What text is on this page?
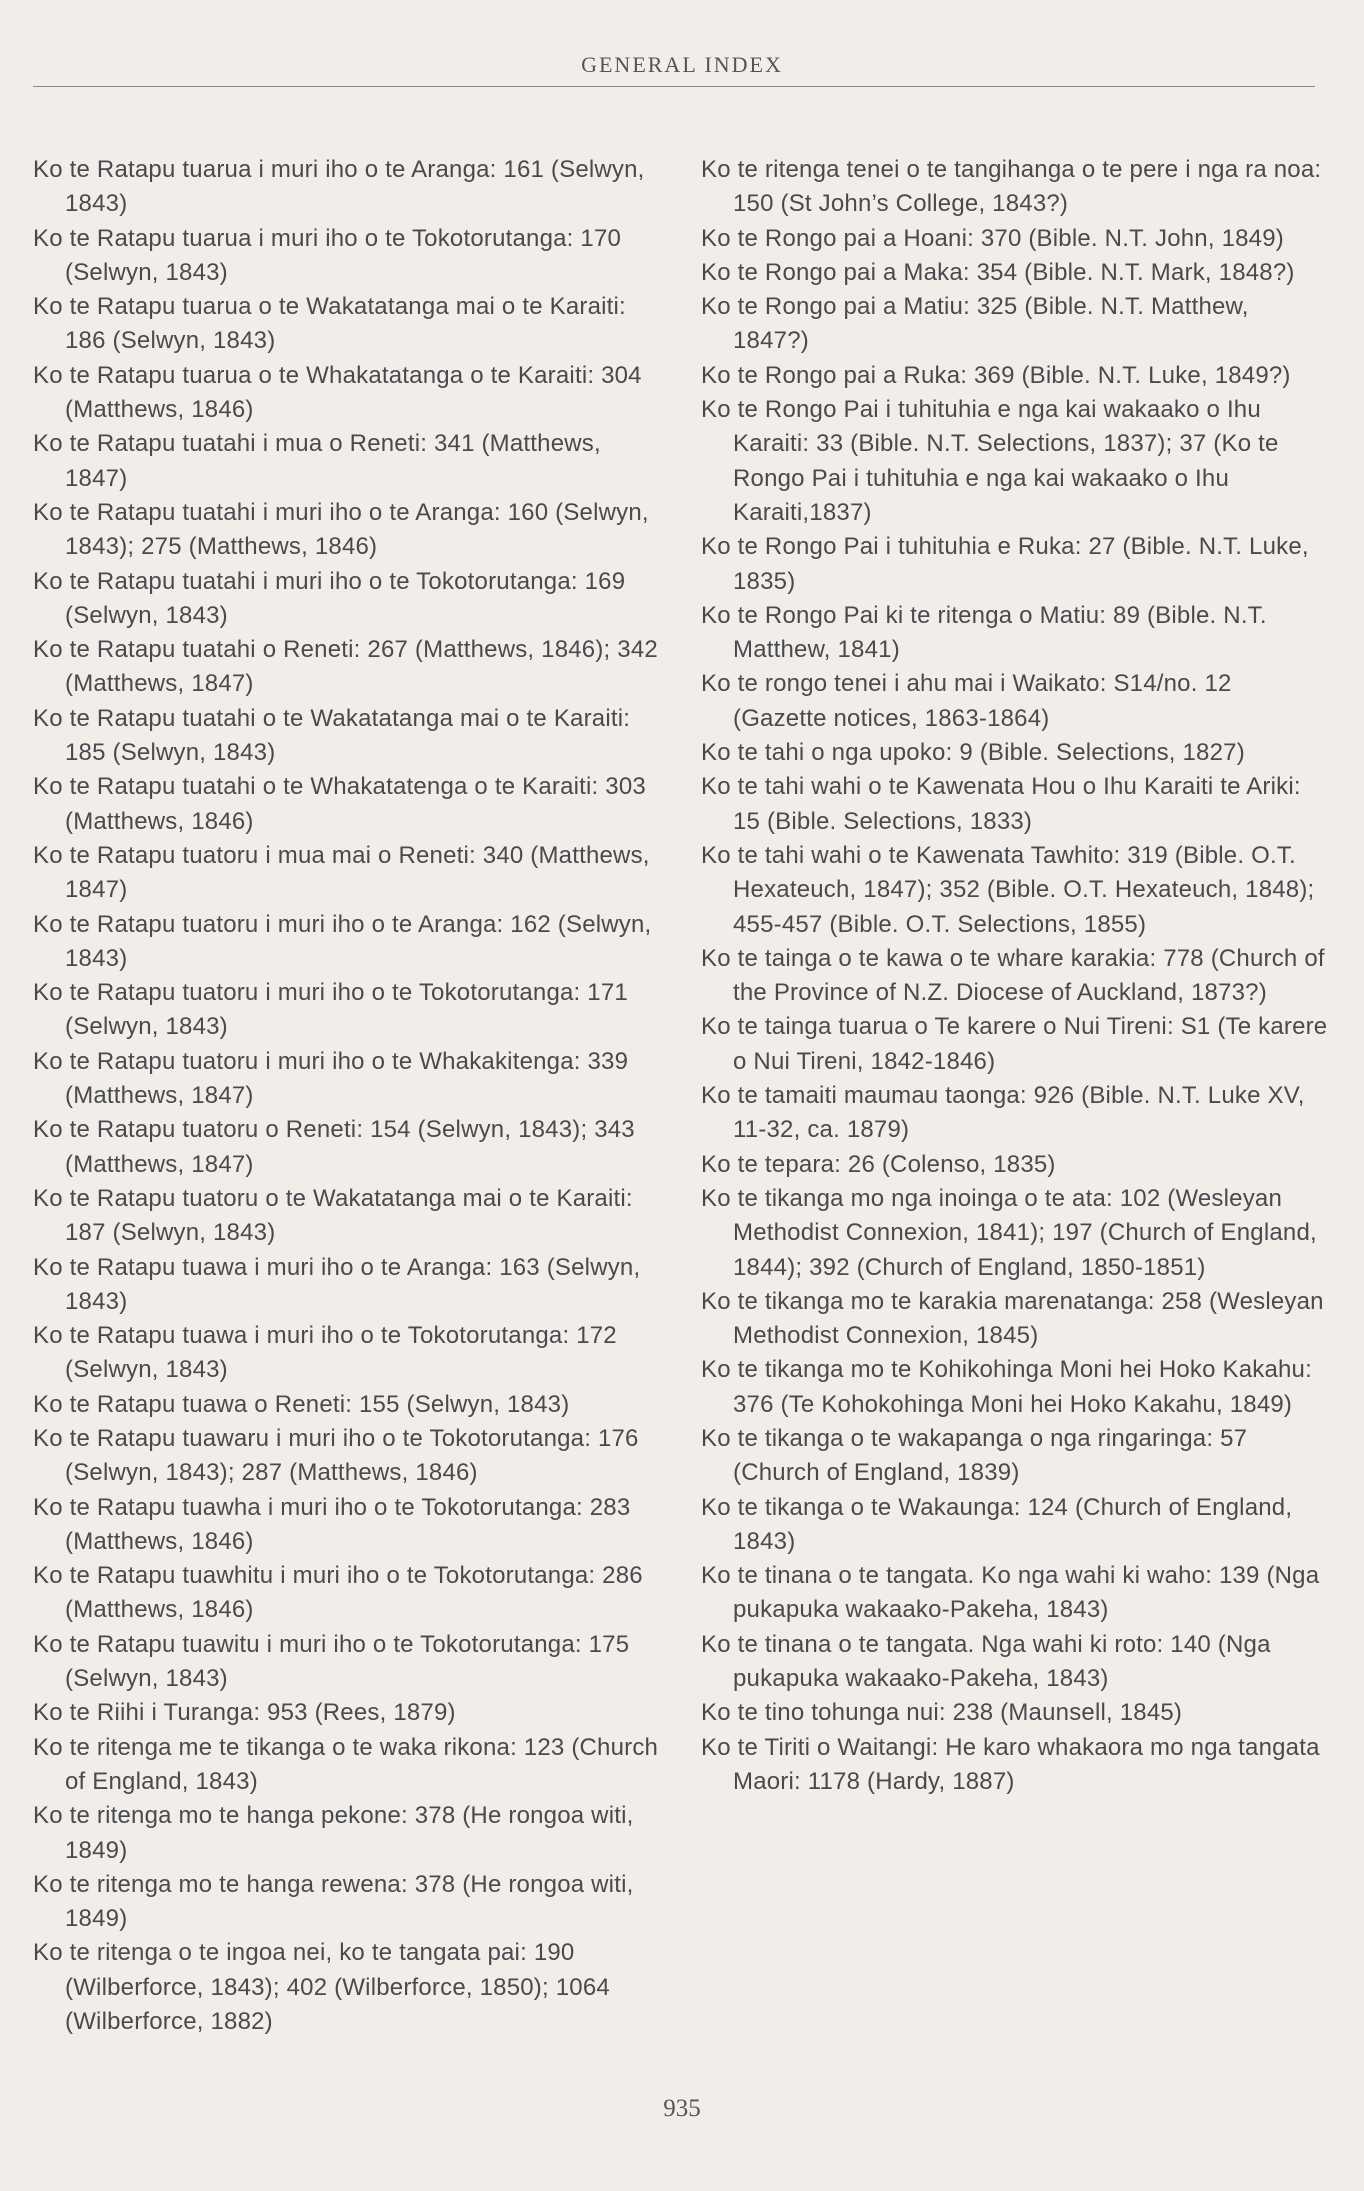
GENERAL INDEX

Ko te Ratapu tuarua i muri iho o te Aranga: 161 (Selwyn, 1843)

Ko te Ratapu tuarua i muri iho o te Tokotorutanga: 170 (Selwyn, 1843)

Ko te Ratapu tuarua o te Wakatatanga mai o te Karaiti: 186 (Selwyn, 1843)

Ko te Ratapu tuarua o te Whakatatanga o te Karaiti: 304 (Matthews, 1846)

Ko te Ratapu tuatahi i mua o Reneti: 341 (Matthews, 1847)

Ko te Ratapu tuatahi i muri iho o te Aranga: 160 (Selwyn, 1843); 275 (Matthews, 1846)

Ko te Ratapu tuatahi i muri iho o te Tokotorutanga: 169 (Selwyn, 1843)

Ko te Ratapu tuatahi o Reneti: 267 (Matthews, 1846); 342 (Matthews, 1847)

Ko te Ratapu tuatahi o te Wakatatanga mai o te Karaiti: 185 (Selwyn, 1843)

Ko te Ratapu tuatahi o te Whakatatenga o te Karaiti: 303 (Matthews, 1846)

Ko te Ratapu tuatoru i mua mai o Reneti: 340 (Matthews, 1847)

Ko te Ratapu tuatoru i muri iho o te Aranga: 162 (Selwyn, 1843)

Ko te Ratapu tuatoru i muri iho o te Tokotorutanga: 171 (Selwyn, 1843)

Ko te Ratapu tuatoru i muri iho o te Whakakitenga: 339 (Matthews, 1847)

Ko te Ratapu tuatoru o Reneti: 154 (Selwyn, 1843); 343 (Matthews, 1847)

Ko te Ratapu tuatoru o te Wakatatanga mai o te Karaiti: 187 (Selwyn, 1843)

Ko te Ratapu tuawa i muri iho o te Aranga: 163 (Selwyn, 1843)

Ko te Ratapu tuawa i muri iho o te Tokotorutanga: 172 (Selwyn, 1843)

Ko te Ratapu tuawa o Reneti: 155 (Selwyn, 1843)

Ko te Ratapu tuawaru i muri iho o te Tokotorutanga: 176 (Selwyn, 1843); 287 (Matthews, 1846)

Ko te Ratapu tuawha i muri iho o te Tokotorutanga: 283 (Matthews, 1846)

Ko te Ratapu tuawhitu i muri iho o te Tokotorutanga: 286 (Matthews, 1846)

Ko te Ratapu tuawitu i muri iho o te Tokotorutanga: 175 (Selwyn, 1843)

Ko te Riihi i Turanga: 953 (Rees, 1879)

Ko te ritenga me te tikanga o te waka rikona: 123 (Church of England, 1843)

Ko te ritenga mo te hanga pekone: 378 (He rongoa witi, 1849)

Ko te ritenga mo te hanga rewena: 378 (He rongoa witi, 1849)

Ko te ritenga o te ingoa nei, ko te tangata pai: 190 (Wilberforce, 1843); 402 (Wilberforce, 1850); 1064 (Wilberforce, 1882)

Ko te ritenga tenei o te tangihanga o te pere i nga ra noa: 150 (St John’s College, 1843?)

Ko te Rongo pai a Hoani: 370 (Bible. N.T. John, 1849)

Ko te Rongo pai a Maka: 354 (Bible. N.T. Mark, 1848?)

Ko te Rongo pai a Matiu: 325 (Bible. N.T. Matthew, 1847?)

Ko te Rongo pai a Ruka: 369 (Bible. N.T. Luke, 1849?)

Ko te Rongo Pai i tuhituhia e nga kai wakaako o Ihu Karaiti: 33 (Bible. N.T. Selections, 1837); 37 (Ko te Rongo Pai i tuhituhia e nga kai wakaako o Ihu Karaiti,1837)

Ko te Rongo Pai i tuhituhia e Ruka: 27 (Bible. N.T. Luke, 1835)

Ko te Rongo Pai ki te ritenga o Matiu: 89 (Bible. N.T. Matthew, 1841)

Ko te rongo tenei i ahu mai i Waikato: S14/no. 12 (Gazette notices, 1863-1864)

Ko te tahi o nga upoko: 9 (Bible. Selections, 1827)

Ko te tahi wahi o te Kawenata Hou o Ihu Karaiti te Ariki: 15 (Bible. Selections, 1833)

Ko te tahi wahi o te Kawenata Tawhito: 319 (Bible. O.T. Hexateuch, 1847); 352 (Bible. O.T. Hexateuch, 1848); 455-457 (Bible. O.T. Selections, 1855)

Ko te tainga o te kawa o te whare karakia: 778 (Church of the Province of N.Z. Diocese of Auckland, 1873?)

Ko te tainga tuarua o Te karere o Nui Tireni: S1 (Te karere o Nui Tireni, 1842-1846)

Ko te tamaiti maumau taonga: 926 (Bible. N.T. Luke XV, 11-32, ca. 1879)

Ko te tepara: 26 (Colenso, 1835)

Ko te tikanga mo nga inoinga o te ata: 102 (Wesleyan Methodist Connexion, 1841); 197 (Church of England, 1844); 392 (Church of England, 1850-1851)

Ko te tikanga mo te karakia marenatanga: 258 (Wesleyan Methodist Connexion, 1845)

Ko te tikanga mo te Kohikohinga Moni hei Hoko Kakahu: 376 (Te Kohokohinga Moni hei Hoko Kakahu, 1849)

Ko te tikanga o te wakapanga o nga ringaringa: 57 (Church of England, 1839)

Ko te tikanga o te Wakaunga: 124 (Church of England, 1843)

Ko te tinana o te tangata. Ko nga wahi ki waho: 139 (Nga pukapuka wakaako-Pakeha, 1843)

Ko te tinana o te tangata. Nga wahi ki roto: 140 (Nga pukapuka wakaako-Pakeha, 1843)

Ko te tino tohunga nui: 238 (Maunsell, 1845)

Ko te Tiriti o Waitangi: He karo whakaora mo nga tangata Maori: 1178 (Hardy, 1887)

935
